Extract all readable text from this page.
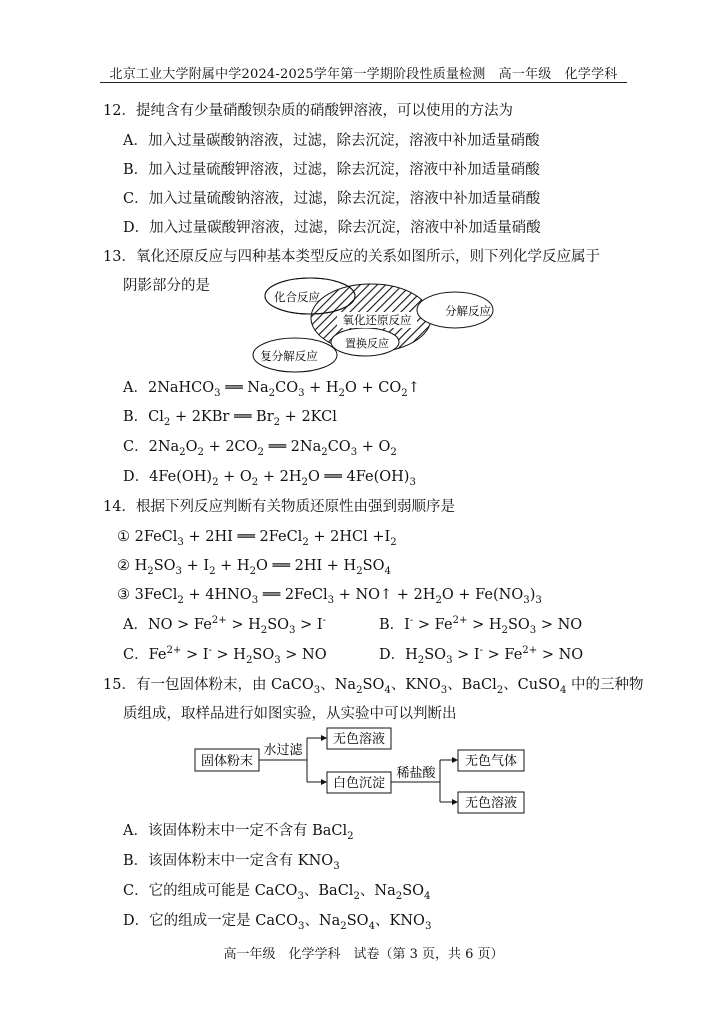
北京工业大学附属中学2024-2025学年第一学期阶段性质量检测　高一年级　化学学科
12．提纯含有少量硝酸钡杂质的硝酸钾溶液，可以使用的方法为
A．加入过量碳酸钠溶液，过滤，除去沉淀，溶液中补加适量硝酸
B．加入过量硫酸钾溶液，过滤，除去沉淀，溶液中补加适量硝酸
C．加入过量硫酸钠溶液，过滤，除去沉淀，溶液中补加适量硝酸
D．加入过量碳酸钾溶液，过滤，除去沉淀，溶液中补加适量硝酸
13．氧化还原反应与四种基本类型反应的关系如图所示，则下列化学反应属于
阴影部分的是
化合反应
氧化还原反应
分解反应
置换反应
复分解反应
A．2NaHCO$_3$ ══ $Na_2CO_3 + H_2O$ + $CO_2↑$
B．$Cl_2 + 2KBr$ ══ $Br_2 + 2KCl$
C．$2Na_2O_2 + 2CO_2$ ══ $2Na_2CO_3 + O_2$
D．$4Fe(OH)_2 + O_2 + 2H_2O$ ══ $4Fe(OH)_3$
14．根据下列反应判断有关物质还原性由强到弱顺序是
① 2FeCl$_3$ + 2HI ══ 2FeCl$_2$ + $2HCl +I_2$
② $H_2SO_3 + I_2 + H_2O$ ══ $2HI + H_2SO_4$
③ 3FeCl$_2$ + $4HNO_3$ ══ 2FeCl$_3$ + NO↑ + $2H_2O + Fe(NO_3)_3$
A．NO > $Fe^{2+} > H_2SO_3 > I^-$	B．$I^- > Fe^{2+} > H_2SO_3$ > NO
C．$Fe^{2+} > I^- > H_2SO_3$ > NO	D．$H_2SO_3 > I^- > Fe^{2+}$ > NO
15．有一包固体粉末，由 CaCO$_3$、$Na_2SO_4$、$KNO_3$、BaCl$_2$、CuSO$_4$ 中的三种物
质组成，取样品进行如图实验，从实验中可以判断出
固体粉末
水过滤
无色溶液
白色沉淀
稀盐酸
无色气体
无色溶液
A．该固体粉末中一定不含有 BaCl$_2$
B．该固体粉末中一定含有 $KNO_3$
C．它的组成可能是 CaCO$_3$、BaCl$_2$、$Na_2SO_4$
D．它的组成一定是 CaCO$_3$、$Na_2SO_4$、$KNO_3$
高一年级　化学学科　试卷（第 3 页，共 6 页）
